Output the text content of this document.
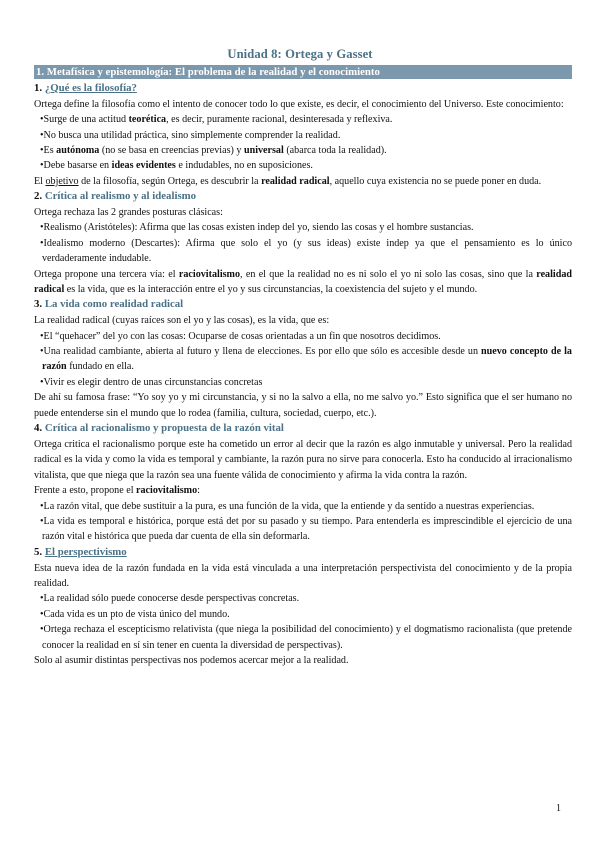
Unidad 8: Ortega y Gasset
1. Metafísica y epistemología: El problema de la realidad y el conocimiento
1. ¿Qué es la filosofía?
Ortega define la filosofía como el intento de conocer todo lo que existe, es decir, el conocimiento del Universo. Este conocimiento:
•Surge de una actitud teorética, es decir, puramente racional, desinteresada y reflexiva.
•No busca una utilidad práctica, sino simplemente comprender la realidad.
•Es autónoma (no se basa en creencias previas) y universal (abarca toda la realidad).
•Debe basarse en ideas evidentes e indudables, no en suposiciones.
El objetivo de la filosofía, según Ortega, es descubrir la realidad radical, aquello cuya existencia no se puede poner en duda.
2. Crítica al realismo y al idealismo
Ortega rechaza las 2 grandes posturas clásicas:
•Realismo (Aristóteles): Afirma que las cosas existen indep del yo, siendo las cosas y el hombre sustancias.
•Idealismo moderno (Descartes): Afirma que solo el yo (y sus ideas) existe indep ya que el pensamiento es lo único verdaderamente indudable.
Ortega propone una tercera vía: el raciovitalismo, en el que la realidad no es ni solo el yo ni solo las cosas, sino que la realidad radical es la vida, que es la interacción entre el yo y sus circunstancias, la coexistencia del sujeto y el mundo.
3. La vida como realidad radical
La realidad radical (cuyas raíces son el yo y las cosas), es la vida, que es:
•El “quehacer” del yo con las cosas: Ocuparse de cosas orientadas a un fin que nosotros decidimos.
•Una realidad cambiante, abierta al futuro y llena de elecciones. Es por ello que sólo es accesible desde un nuevo concepto de la razón fundado en ella.
•Vivir es elegir dentro de unas circunstancias concretas
De ahí su famosa frase: “Yo soy yo y mi circunstancia, y si no la salvo a ella, no me salvo yo.” Esto significa que el ser humano no puede entenderse sin el mundo que lo rodea (familia, cultura, sociedad, cuerpo, etc.).
4. Crítica al racionalismo y propuesta de la razón vital
Ortega critica el racionalismo porque este ha cometido un error al decir que la razón es algo inmutable y universal. Pero la realidad radical es la vida y como la vida es temporal y cambiante, la razón pura no sirve para conocerla. Esto ha conducido al irracionalismo vitalista, que que niega que la razón sea una fuente válida de conocimiento y afirma la vida contra la razón.
Frente a esto, propone el raciovitalismo:
•La razón vital, que debe sustituir a la pura, es una función de la vida, que la entiende y da sentido a nuestras experiencias.
•La vida es temporal e histórica, porque está det por su pasado y su tiempo. Para entenderla es imprescindible el ejercicio de una razón vital e histórica que pueda dar cuenta de ella sin deformarla.
5. El perspectivismo
Esta nueva idea de la razón fundada en la vida está vinculada a una interpretación perspectivista del conocimiento y de la propia realidad.
•La realidad sólo puede conocerse desde perspectivas concretas.
•Cada vida es un pto de vista único del mundo.
•Ortega rechaza el escepticismo relativista (que niega la posibilidad del conocimiento) y el dogmatismo racionalista (que pretende conocer la realidad en sí sin tener en cuenta la diversidad de perspectivas).
Solo al asumir distintas perspectivas nos podemos acercar mejor a la realidad.
1
